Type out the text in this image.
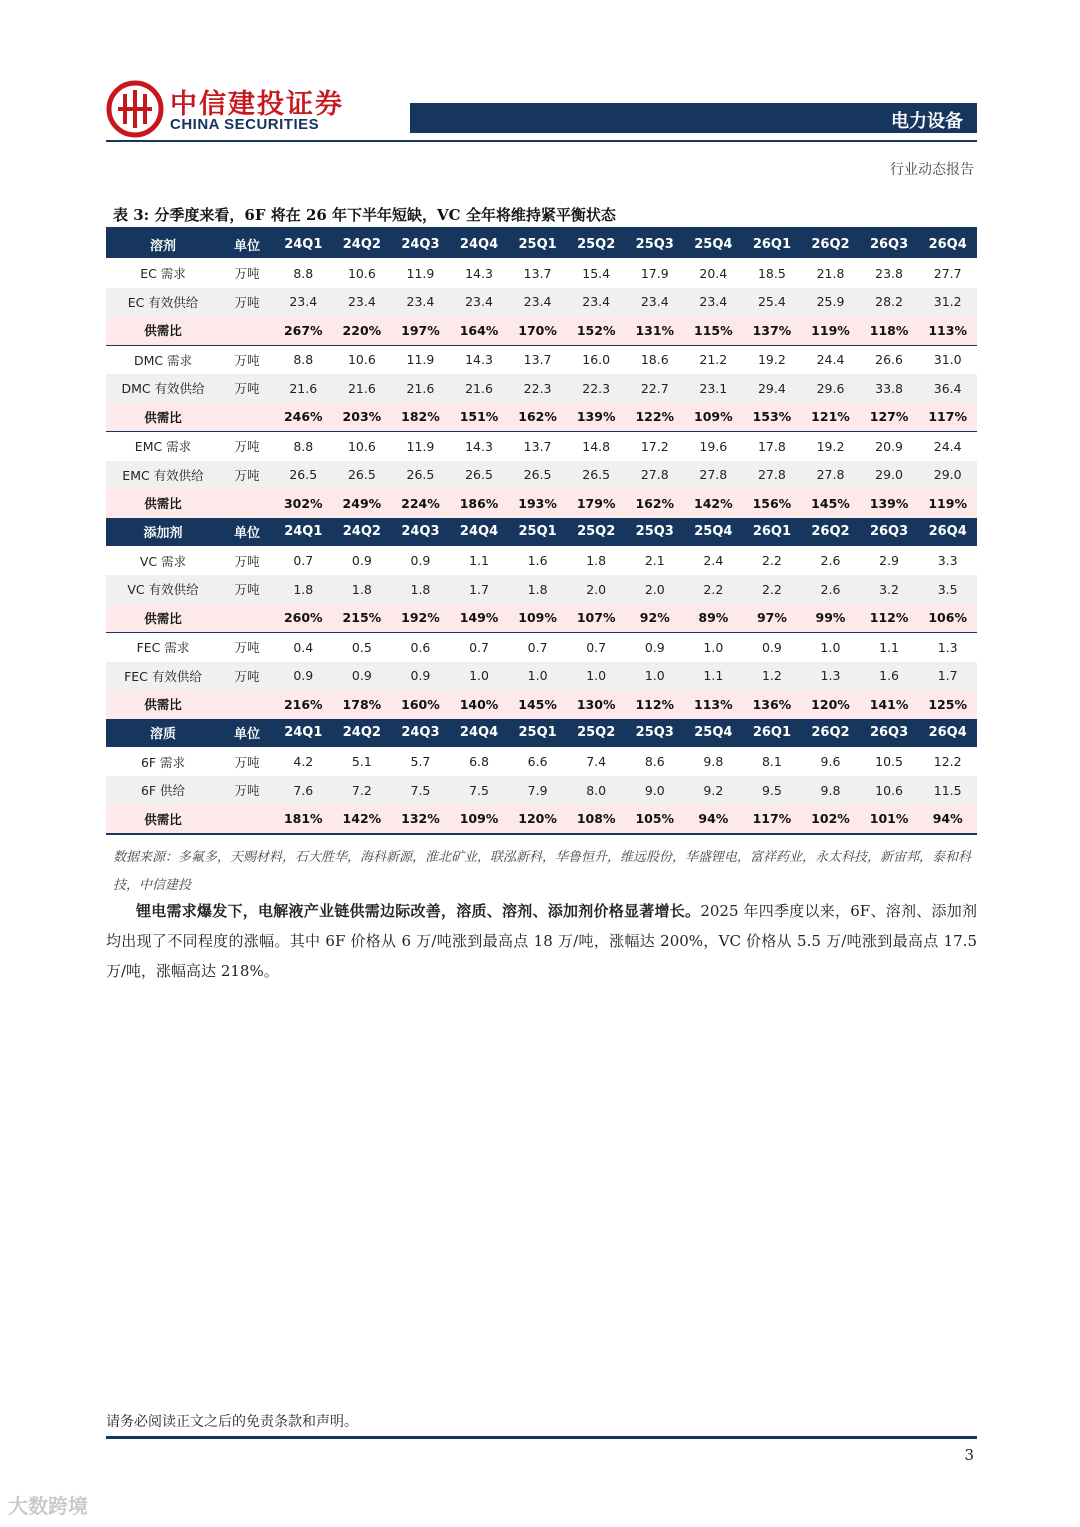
中信建投证券
CHINA SECURITIES	电力设备
行业动态报告
表 3: 分季度来看，6F 将在 26 年下半年短缺，VC 全年将维持紧平衡状态
溶剂	单位	24Q1	24Q2	24Q3	24Q4	25Q1	25Q2	25Q3	25Q4	26Q1	26Q2	26Q3	26Q4
EC 需求	万吨	8.8	10.6	11.9	14.3	13.7	15.4	17.9	20.4	18.5	21.8	23.8	27.7
EC 有效供给	万吨	23.4	23.4	23.4	23.4	23.4	23.4	23.4	23.4	25.4	25.9	28.2	31.2
供需比		267%	220%	197%	164%	170%	152%	131%	115%	137%	119%	118%	113%
DMC 需求	万吨	8.8	10.6	11.9	14.3	13.7	16.0	18.6	21.2	19.2	24.4	26.6	31.0
DMC 有效供给	万吨	21.6	21.6	21.6	21.6	22.3	22.3	22.7	23.1	29.4	29.6	33.8	36.4
供需比		246%	203%	182%	151%	162%	139%	122%	109%	153%	121%	127%	117%
EMC 需求	万吨	8.8	10.6	11.9	14.3	13.7	14.8	17.2	19.6	17.8	19.2	20.9	24.4
EMC 有效供给	万吨	26.5	26.5	26.5	26.5	26.5	26.5	27.8	27.8	27.8	27.8	29.0	29.0
供需比		302%	249%	224%	186%	193%	179%	162%	142%	156%	145%	139%	119%
添加剂	单位	24Q1	24Q2	24Q3	24Q4	25Q1	25Q2	25Q3	25Q4	26Q1	26Q2	26Q3	26Q4
VC 需求	万吨	0.7	0.9	0.9	1.1	1.6	1.8	2.1	2.4	2.2	2.6	2.9	3.3
VC 有效供给	万吨	1.8	1.8	1.8	1.7	1.8	2.0	2.0	2.2	2.2	2.6	3.2	3.5
供需比		260%	215%	192%	149%	109%	107%	92%	89%	97%	99%	112%	106%
FEC 需求	万吨	0.4	0.5	0.6	0.7	0.7	0.7	0.9	1.0	0.9	1.0	1.1	1.3
FEC 有效供给	万吨	0.9	0.9	0.9	1.0	1.0	1.0	1.0	1.1	1.2	1.3	1.6	1.7
供需比		216%	178%	160%	140%	145%	130%	112%	113%	136%	120%	141%	125%
溶质	单位	24Q1	24Q2	24Q3	24Q4	25Q1	25Q2	25Q3	25Q4	26Q1	26Q2	26Q3	26Q4
6F 需求	万吨	4.2	5.1	5.7	6.8	6.6	7.4	8.6	9.8	8.1	9.6	10.5	12.2
6F 供给	万吨	7.6	7.2	7.5	7.5	7.9	8.0	9.0	9.2	9.5	9.8	10.6	11.5
供需比		181%	142%	132%	109%	120%	108%	105%	94%	117%	102%	101%	94%
数据来源：多氟多，天赐材料，石大胜华，海科新源，淮北矿业，联泓新科，华鲁恒升，维远股份，华盛锂电，富祥药业，永太科技，新宙邦，泰和科技，中信建投

锂电需求爆发下，电解液产业链供需边际改善，溶质、溶剂、添加剂价格显著增长。2025 年四季度以来，6F、溶剂、添加剂均出现了不同程度的涨幅。其中 6F 价格从 6 万/吨涨到最高点 18 万/吨，涨幅达 200%，VC 价格从 5.5 万/吨涨到最高点 17.5 万/吨，涨幅高达 218%。

请务必阅读正文之后的免责条款和声明。
3
大数跨境
